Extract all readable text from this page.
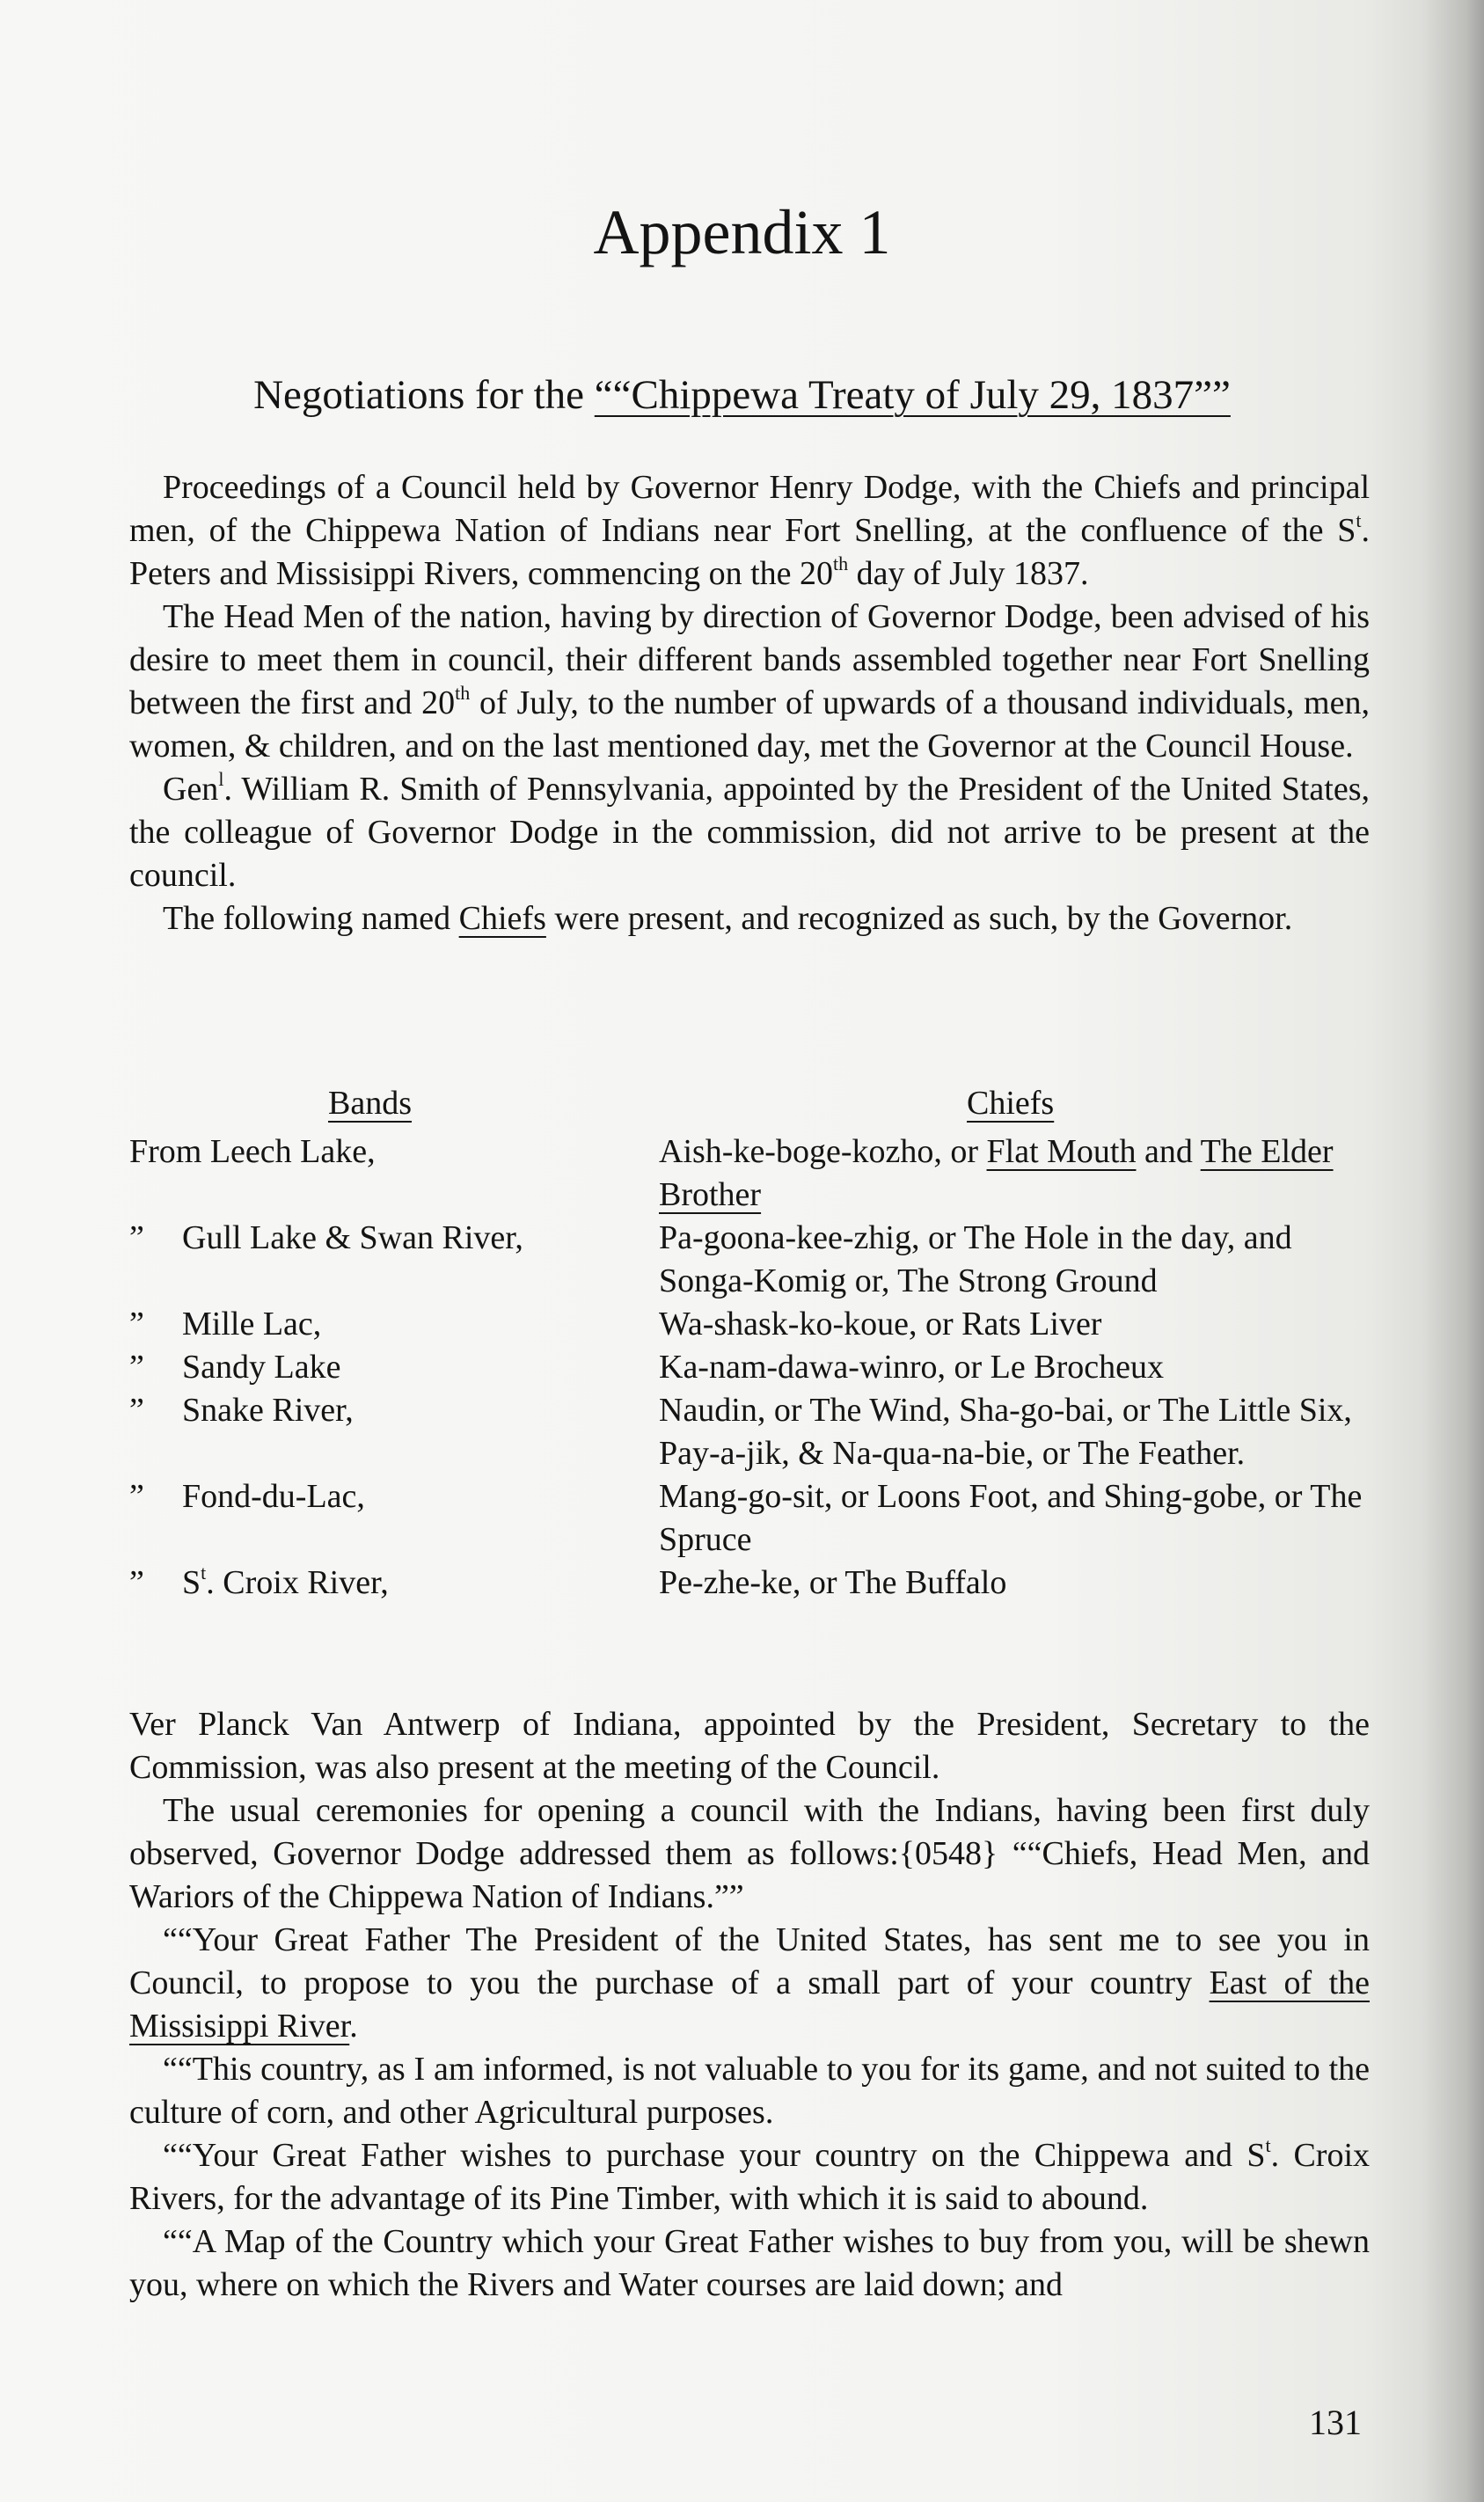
Appendix 1
Negotiations for the ““Chippewa Treaty of July 29, 1837””

Proceedings of a Council held by Governor Henry Dodge, with the Chiefs and principal men, of the Chippewa Nation of Indians near Fort Snelling, at the confluence of the $S^t$. Peters and Missisippi Rivers, commencing on the 20th day of July 1837.

The Head Men of the nation, having by direction of Governor Dodge, been advised of his desire to meet them in council, their different bands assembled together near Fort Snelling between the first and 20th of July, to the number of upwards of a thousand individuals, men, women, & children, and on the last mentioned day, met the Governor at the Council House.

Gen$^l$. William R. Smith of Pennsylvania, appointed by the President of the United States, the colleague of Governor Dodge in the commission, did not arrive to be present at the council.

The following named Chiefs were present, and recognized as such, by the Governor.

Bands	Chiefs
From Leech Lake,	Aish-ke-boge-kozho, or Flat Mouth and The Elder Brother
”	Gull Lake & Swan River,	Pa-goona-kee-zhig, or The Hole in the day, and Songa-Komig or, The Strong Ground
”	Mille Lac,	Wa-shask-ko-koue, or Rats Liver
”	Sandy Lake	Ka-nam-dawa-winro, or Le Brocheux
”	Snake River,	Naudin, or The Wind, Sha-go-bai, or The Little Six, Pay-a-jik, & Na-qua-na-bie, or The Feather.
”	Fond-du-Lac,	Mang-go-sit, or Loons Foot, and Shing-gobe, or The Spruce
”	$S^t$. Croix River,	Pe-zhe-ke, or The Buffalo

Ver Planck Van Antwerp of Indiana, appointed by the President, Secretary to the Commission, was also present at the meeting of the Council.

The usual ceremonies for opening a council with the Indians, having been first duly observed, Governor Dodge addressed them as follows:{0548} ““Chiefs, Head Men, and Wariors of the Chippewa Nation of Indians.””

““Your Great Father The President of the United States, has sent me to see you in Council, to propose to you the purchase of a small part of your country East of the Missisippi River.

““This country, as I am informed, is not valuable to you for its game, and not suited to the culture of corn, and other Agricultural purposes.

““Your Great Father wishes to purchase your country on the Chippewa and $S^t$. Croix Rivers, for the advantage of its Pine Timber, with which it is said to abound.

““A Map of the Country which your Great Father wishes to buy from you, will be shewn you, where on which the Rivers and Water courses are laid down; and

131
